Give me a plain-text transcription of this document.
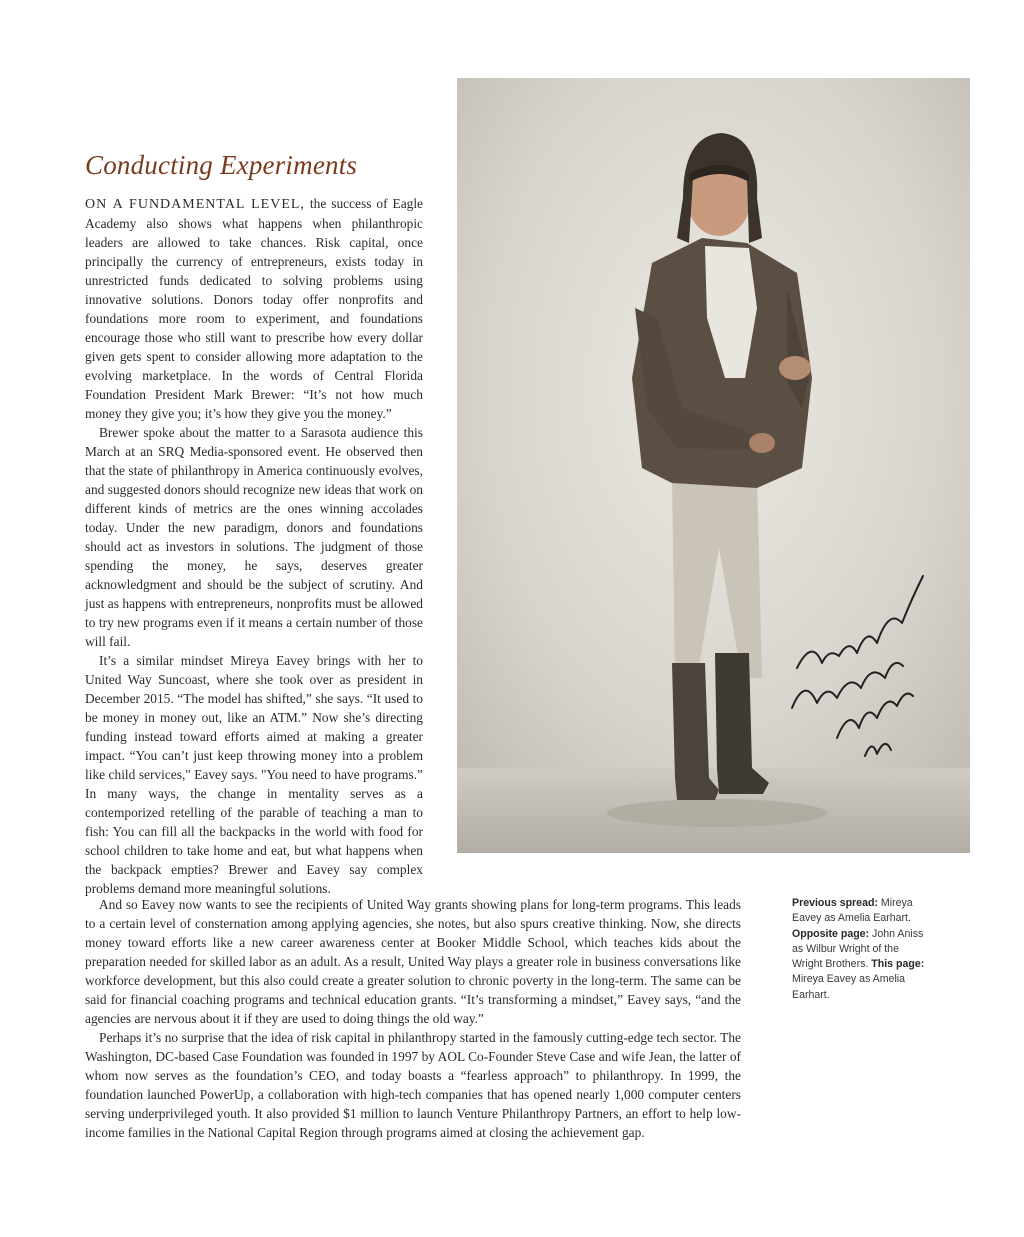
Conducting Experiments

ON A FUNDAMENTAL LEVEL, the success of Eagle Academy also shows what happens when philanthropic leaders are allowed to take chances. Risk capital, once principally the currency of entrepreneurs, exists today in unrestricted funds dedicated to solving problems using innovative solutions. Donors today offer nonprofits and foundations more room to experiment, and foundations encourage those who still want to prescribe how every dollar given gets spent to consider allowing more adaptation to the evolving marketplace. In the words of Central Florida Foundation President Mark Brewer: “It’s not how much money they give you; it’s how they give you the money.”

Brewer spoke about the matter to a Sarasota audience this March at an SRQ Media-sponsored event. He observed then that the state of philanthropy in America continuously evolves, and suggested donors should recognize new ideas that work on different kinds of metrics are the ones winning accolades today. Under the new paradigm, donors and foundations should act as investors in solutions. The judgment of those spending the money, he says, deserves greater acknowledgment and should be the subject of scrutiny. And just as happens with entrepreneurs, nonprofits must be allowed to try new programs even if it means a certain number of those will fail.

It’s a similar mindset Mireya Eavey brings with her to United Way Suncoast, where she took over as president in December 2015. “The model has shifted,” she says. “It used to be money in money out, like an ATM.” Now she’s directing funding instead toward efforts aimed at making a greater impact. “You can’t just keep throwing money into a problem like child services," Eavey says. "You need to have programs.” In many ways, the change in mentality serves as a contemporized retelling of the parable of teaching a man to fish: You can fill all the backpacks in the world with food for school children to take home and eat, but what happens when the backpack empties? Brewer and Eavey say complex problems demand more meaningful solutions.

And so Eavey now wants to see the recipients of United Way grants showing plans for long-term programs. This leads to a certain level of consternation among applying agencies, she notes, but also spurs creative thinking. Now, she directs money toward efforts like a new career awareness center at Booker Middle School, which teaches kids about the preparation needed for skilled labor as an adult. As a result, United Way plays a greater role in business conversations like workforce development, but this also could create a greater solution to chronic poverty in the long-term. The same can be said for financial coaching programs and technical education grants. “It’s transforming a mindset,” Eavey says, “and the agencies are nervous about it if they are used to doing things the old way.”

Perhaps it’s no surprise that the idea of risk capital in philanthropy started in the famously cutting-edge tech sector. The Washington, DC-based Case Foundation was founded in 1997 by AOL Co-Founder Steve Case and wife Jean, the latter of whom now serves as the foundation’s CEO, and today boasts a “fearless approach” to philanthropy. In 1999, the foundation launched PowerUp, a collaboration with high-tech companies that has opened nearly 1,000 computer centers serving underprivileged youth. It also provided $1 million to launch Venture Philanthropy Partners, an effort to help low-income families in the National Capital Region through programs aimed at closing the achievement gap.

Previous spread: Mireya Eavey as Amelia Earhart. Opposite page: John Aniss as Wilbur Wright of the Wright Brothers. This page: Mireya Eavey as Amelia Earhart.
